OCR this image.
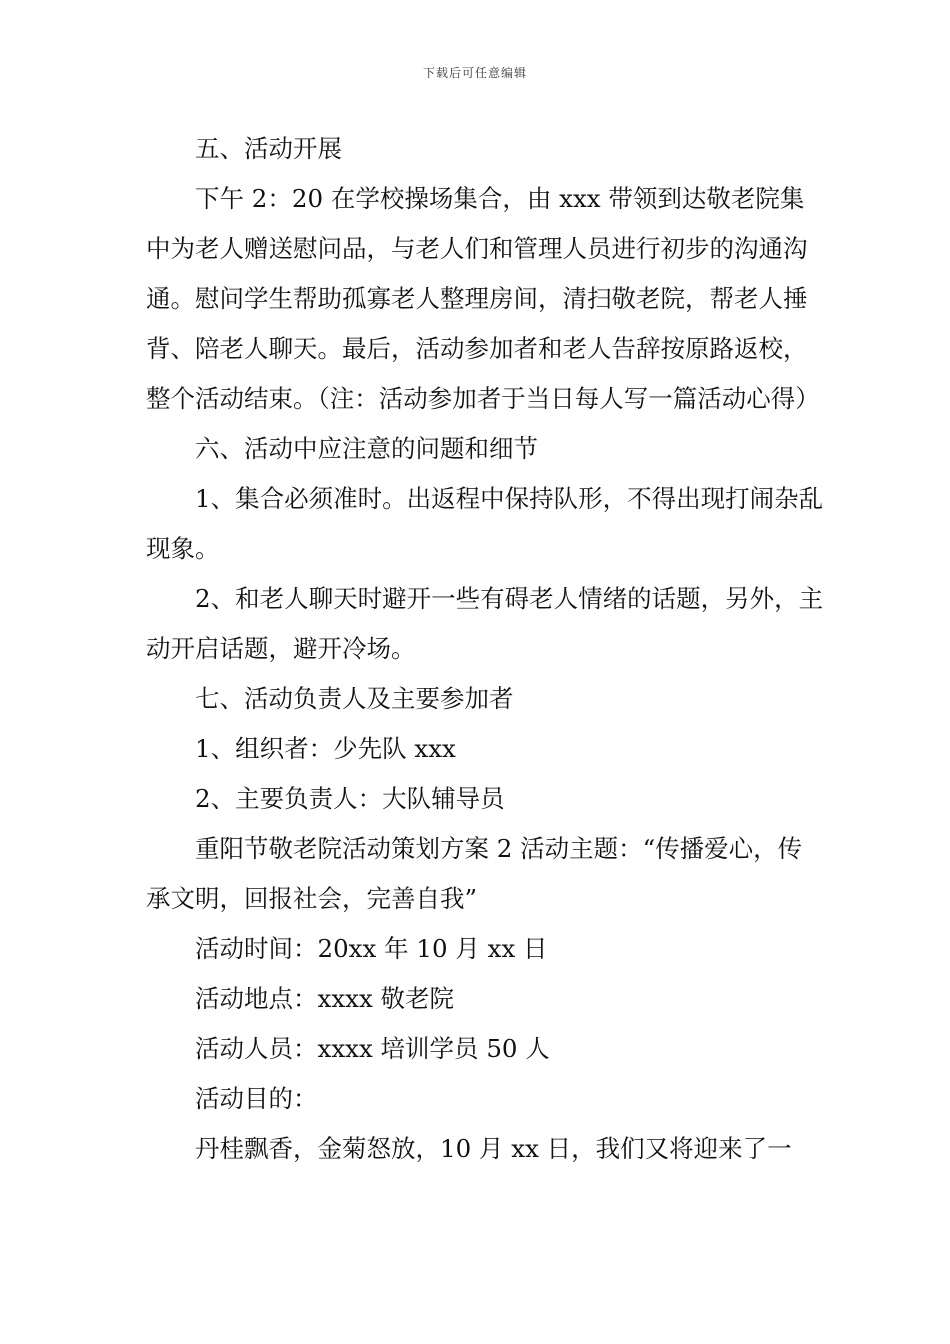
下载后可任意编辑

五、活动开展

下午 2：20 在学校操场集合，由 xxx 带领到达敬老院集中为老人赠送慰问品，与老人们和管理人员进行初步的沟通沟通。慰问学生帮助孤寡老人整理房间，清扫敬老院，帮老人捶背、陪老人聊天。最后，活动参加者和老人告辞按原路返校，整个活动结束。（注：活动参加者于当日每人写一篇活动心得）

六、活动中应注意的问题和细节

1、集合必须准时。出返程中保持队形，不得出现打闹杂乱现象。

2、和老人聊天时避开一些有碍老人情绪的话题，另外，主动开启话题，避开冷场。

七、活动负责人及主要参加者

1、组织者：少先队 xxx

2、主要负责人：大队辅导员

重阳节敬老院活动策划方案 2 活动主题：“传播爱心，传承文明，回报社会，完善自我”

活动时间：20xx 年 10 月 xx 日

活动地点：xxxx 敬老院

活动人员：xxxx 培训学员 50 人

活动目的：

丹桂飘香，金菊怒放，10 月 xx 日，我们又将迎来了一
